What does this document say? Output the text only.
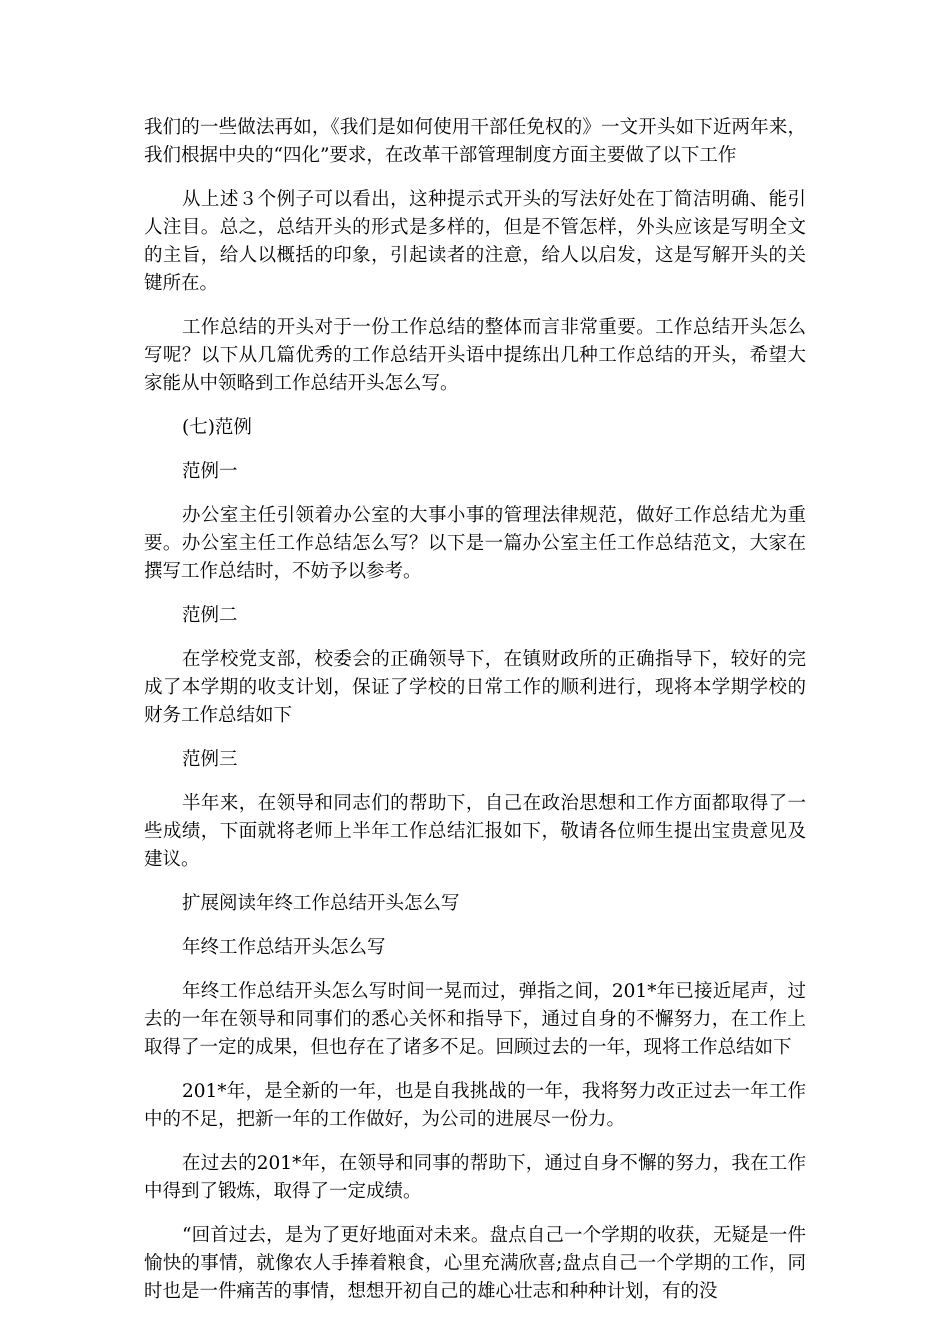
我们的一些做法再如，《我们是如何使用干部任免权的》一文开头如下近两年来，我们根据中央的“四化”要求，在改革干部管理制度方面主要做了以下工作

从上述３个例子可以看出，这种提示式开头的写法好处在丁简洁明确、能引人注目。总之，总结开头的形式是多样的，但是不管怎样，外头应该是写明全文的主旨，给人以概括的印象，引起读者的注意，给人以启发，这是写解开头的关键所在。

工作总结的开头对于一份工作总结的整体而言非常重要。工作总结开头怎么写呢？以下从几篇优秀的工作总结开头语中提练出几种工作总结的开头，希望大家能从中领略到工作总结开头怎么写。

(七)范例

范例一

办公室主任引领着办公室的大事小事的管理法律规范，做好工作总结尤为重要。办公室主任工作总结怎么写？以下是一篇办公室主任工作总结范文，大家在撰写工作总结时，不妨予以参考。

范例二

在学校党支部，校委会的正确领导下，在镇财政所的正确指导下，较好的完成了本学期的收支计划，保证了学校的日常工作的顺利进行，现将本学期学校的财务工作总结如下

范例三

半年来，在领导和同志们的帮助下，自己在政治思想和工作方面都取得了一些成绩，下面就将老师上半年工作总结汇报如下，敬请各位师生提出宝贵意见及建议。

扩展阅读年终工作总结开头怎么写

年终工作总结开头怎么写

年终工作总结开头怎么写时间一晃而过，弹指之间，201*年已接近尾声，过去的一年在领导和同事们的悉心关怀和指导下，通过自身的不懈努力，在工作上取得了一定的成果，但也存在了诸多不足。回顾过去的一年，现将工作总结如下

201*年，是全新的一年，也是自我挑战的一年，我将努力改正过去一年工作中的不足，把新一年的工作做好，为公司的进展尽一份力。

在过去的201*年，在领导和同事的帮助下，通过自身不懈的努力，我在工作中得到了锻炼，取得了一定成绩。

“回首过去，是为了更好地面对未来。盘点自己一个学期的收获，无疑是一件愉快的事情，就像农人手捧着粮食，心里充满欣喜;盘点自己一个学期的工作，同时也是一件痛苦的事情，想想开初自己的雄心壮志和种种计划，有的没
